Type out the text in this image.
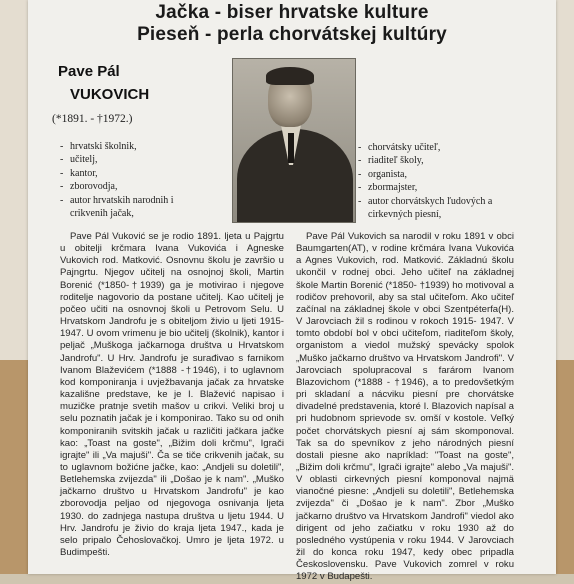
Jačka - biser hrvatske kulture
Pieseň - perla chorvátskej kultúry
Pave Pál
VUKOVICH
(*1891. - †1972.)
- hrvatski školnik,
- učitelj,
- kantor,
- zborovodja,
- autor hrvatskih narodnih i crikvenih jačak,
- chorvátsky učiteľ,
- riaditeľ školy,
- organista,
- zbormajster,
- autor chorvátskych ľudových a cirkevných piesní,

Pave Pál Vuković se je rodio 1891. ljeta u Pajgrtu u obitelji krčmara Ivana Vukovića i Agneske Vukovich rod. Matković. Osnovnu školu je završio u Pajngrtu. Njegov učitelj na osnojnoj školi, Martin Borenić (*1850-†1939) ga je motivirao i njegove roditelje nagovorio da postane učitelj. Kao učitelj je počeo učiti na osnovnoj školi u Petrovom Selu. U Hrvatskom Jandrofu je s obiteljom živio u ljeti 1915-1947. U ovom vrimenu je bio učitelj (školnik), kantor i peljač „Muškoga jačkarnoga društva u Hrvatskom Jandrofu". U Hrv. Jandrofu je surađivao s farnikom Ivanom Blaževićem (*1888 -†1946), i to uglavnom kod komponiranja i uvježbavanja jačak za hrvatske kazališne predstave, ke je I. Blažević napisao i muzičke pratnje svetih mašov u crikvi. Veliki broj u selu poznatih jačak je i komponirao. Tako su od onih komponiranih svitskih jačak u različiti jačkara jačke kao: „Toast na goste", „Bižim doli krčmu", Igrači igrajte" ili „Va majuši". Ča se tiče crikvenih jačak, su to uglavnom božićne jačke, kao: „Andjeli su doletili", Betlehemska zvijezda" ili „Došao je k nam". „Muško jačkarno društvo u Hrvatskom Jandrofu" je kao zborovodja peljao od njegovoga osnivanja ljeta 1930. do zadnjega nastupa društva u ljetu 1944. U Hrv. Jandrofu je živio do kraja ljeta 1947., kada je selo pripalo Čehoslovačkoj. Umro je ljeta 1972. u Budimpešti.

Pave Pál Vukovich sa narodil v roku 1891 v obci Baumgarten(AT), v rodine krčmára Ivana Vukovića a Agnes Vukovich, rod. Matković. Základnú školu ukončil v rodnej obci. Jeho učiteľ na základnej škole Martin Borenić (*1850- †1939) ho motivoval a rodičov prehovoril, aby sa stal učiteľom. Ako učiteľ začínal na základnej škole v obci Szentpéterfa(H). V Jarovciach žil s rodinou v rokoch 1915- 1947. V tomto období bol v obci učiteľom, riaditeľom školy, organistom a viedol mužský spevácky spolok „Muško jačkarno društvo va Hrvatskom Jandrofi". V Jarovciach spolupracoval s farárom Ivanom Blazovichom (*1888 - †1946), a to predovšetkým pri skladaní a nácviku piesní pre chorvátske divadelné predstavenia, ktoré I. Blazovich napísal a pri hudobnom sprievode sv. omší v kostole. Veľký počet chorvátskych piesní aj sám skomponoval. Tak sa do spevníkov z jeho národných piesní dostali piesne ako napríklad: "Toast na goste", „Bižim doli krčmu", Igrači igrajte" alebo „Va majuši". V oblasti cirkevných piesní komponoval najmä vianočné piesne: „Andjeli su doletili", Betlehemska zvijezda" či „Došao je k nam". Zbor „Muško jačkarno društvo va Hrvatskom Jandrofi" viedol ako dirigent od jeho začiatku v roku 1930 až do posledného vystúpenia v roku 1944. V Jarovciach žil do konca roku 1947, kedy obec pripadla Československu. Pave Vukovich zomrel v roku 1972 v Budapešti.
